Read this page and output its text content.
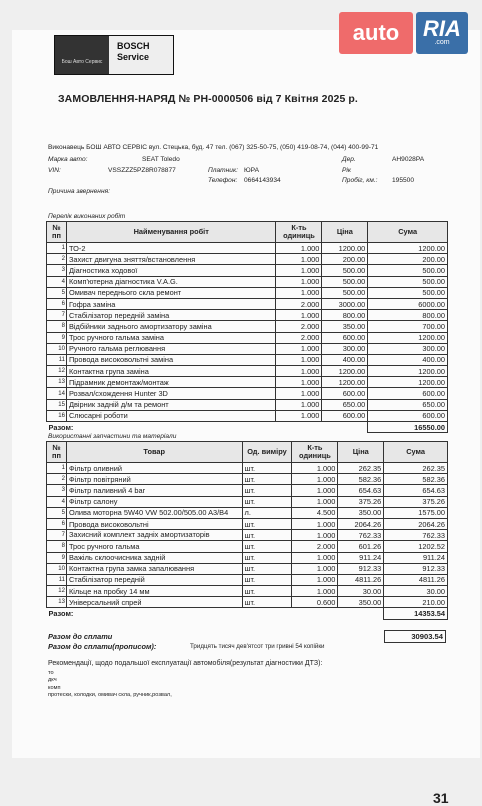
auto	RIA
.com
Бош Авто Сервис
BOSCH
Service
ЗАМОВЛЕННЯ-НАРЯД № РН-0000506 від 7 Квітня 2025 р.
Виконавець БОШ АВТО СЕРВІС вул. Стецька, буд. 47 тел. (067) 325-50-75, (050) 419-08-74, (044) 400-99-71
Марка авто:	SEAT Toledo
VIN:	VSSZZZ5PZ8R078877	Платник: ЮРА
Телефон: 0664143934
Дер.	АН9028РА
Рік
Пробіг, км.: 195500
Причина звернення:
Перелік виконаних робіт
№ пп	Найменування робіт	К-ть одиниць	Ціна	Сума
1	ТО-2	1.000	1200.00	1200.00
2	Захист двигуна зняття/встановлення	1.000	200.00	200.00
3	Діагностика ходової	1.000	500.00	500.00
4	Комп'ютерна діагностика V.A.G.	1.000	500.00	500.00
5	Омивач переднього скла ремонт	1.000	500.00	500.00
6	Гофра заміна	2.000	3000.00	6000.00
7	Стабілізатор передній заміна	1.000	800.00	800.00
8	Відбійники заднього амортизатору заміна	2.000	350.00	700.00
9	Трос ручного гальма заміна	2.000	600.00	1200.00
10	Ручного гальма реглювання	1.000	300.00	300.00
11	Провода високовольтні заміна	1.000	400.00	400.00
12	Контактна група заміна	1.000	1200.00	1200.00
13	Підрамник демонтаж/монтаж	1.000	1200.00	1200.00
14	Розвал/схождення Hunter 3D	1.000	600.00	600.00
15	Двірник задній д/м та ремонт	1.000	650.00	650.00
16	Слюсарні роботи	1.000	600.00	600.00
Разом:				16550.00
Використанні запчастини та матеріали
№ пп	Товар	Од. виміру	К-ть одиниць	Ціна	Сума
1	Фільтр оливний	шт.	1.000	262.35	262.35
2	Фільтр повітряний	шт.	1.000	582.36	582.36
3	Фільтр паливний 4 bar	шт.	1.000	654.63	654.63
4	Фільтр салону	шт.	1.000	375.26	375.26
5	Олива моторна 5W40 VW 502.00/505.00 A3/B4	л.	4.500	350.00	1575.00
6	Провода високовольтні	шт.	1.000	2064.26	2064.26
7	Захисний комплект задніх амортизаторів	шт.	1.000	762.33	762.33
8	Трос ручного гальма	шт.	2.000	601.26	1202.52
9	Важіль склоочисника задній	шт.	1.000	911.24	911.24
10	Контактна група замка запалювання	шт.	1.000	912.33	912.33
11	Стабілізатор передній	шт.	1.000	4811.26	4811.26
12	Кільце на пробку 14 мм	шт.	1.000	30.00	30.00
13	Універсальний спрей	шт.	0.600	350.00	210.00
Разом:					14353.54
Разом до сплати	30903.54
Разом до сплати(прописом):	Тридцять тисяч дев'ятсот три гривні 54 копійки
Рекомендації, щодо подальшої експлуатації автомобіля(результат діагностики ДТЗ):
то
дкч
комп
протески, колодки, омивач скла, ручник,розвал,
31
